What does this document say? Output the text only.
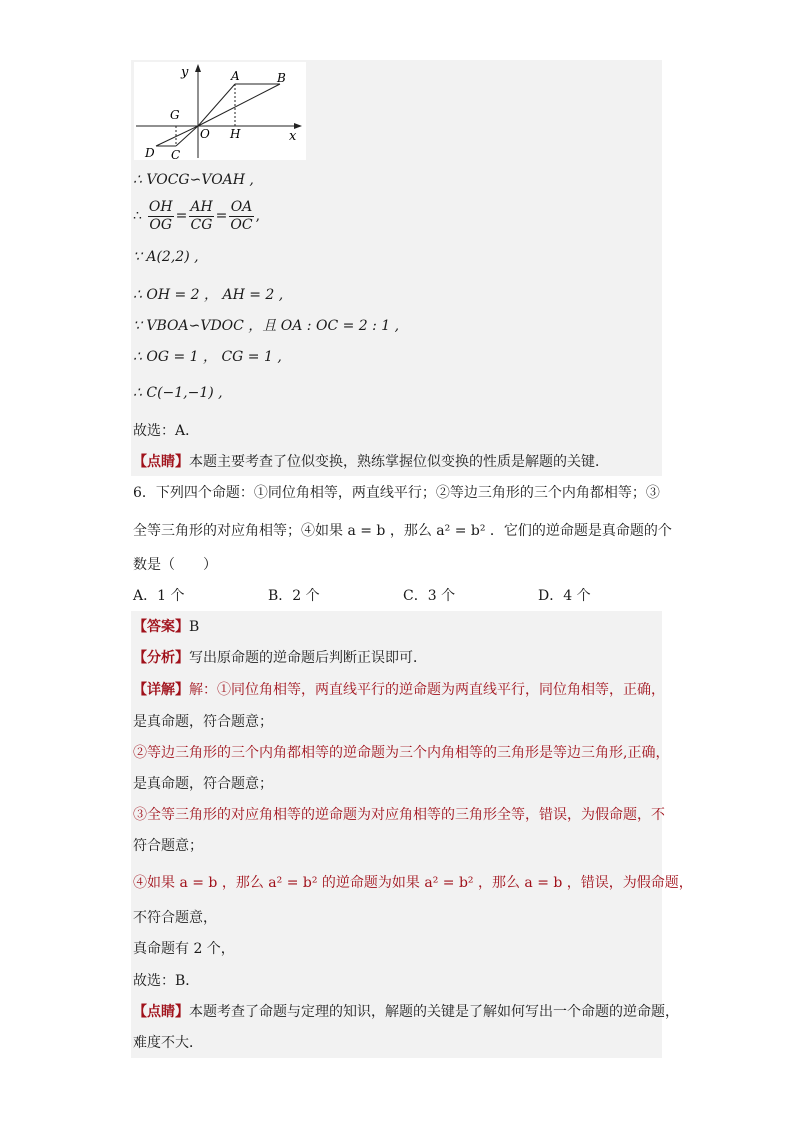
y
x
A	B
G
O H
D C
∴ VOCG∽VOAH ,
∴ $\frac{OH}{OG} = \frac{AH}{CG} = \frac{OA}{OC}$ ,
∵ A(2,2) ,
∴ OH = 2 ， AH = 2 ,
∵ VBOA∽VDOC ，且 OA : OC = 2 : 1 ,
∴ OG = 1 ， CG = 1 ,
∴ C(−1,−1) ,
故选：A．
【点睛】本题主要考查了位似变换，熟练掌握位似变换的性质是解题的关键．
6．下列四个命题：①同位角相等，两直线平行；②等边三角形的三个内角都相等；③
全等三角形的对应角相等；④如果 a = b ，那么 a² = b² ．它们的逆命题是真命题的个
数是（　　）
A．1 个	B．2 个	C．3 个	D．4 个
【答案】B
【分析】写出原命题的逆命题后判断正误即可．
【详解】解：①同位角相等，两直线平行的逆命题为两直线平行，同位角相等，正确，
是真命题，符合题意；
②等边三角形的三个内角都相等的逆命题为三个内角相等的三角形是等边三角形,正确，
是真命题，符合题意；
③全等三角形的对应角相等的逆命题为对应角相等的三角形全等，错误，为假命题，不
符合题意；
④如果 a = b ，那么 a² = b² 的逆命题为如果 a² = b² ，那么 a = b ，错误，为假命题，
不符合题意，
真命题有 2 个，
故选：B．
【点睛】本题考查了命题与定理的知识，解题的关键是了解如何写出一个命题的逆命题，
难度不大．
